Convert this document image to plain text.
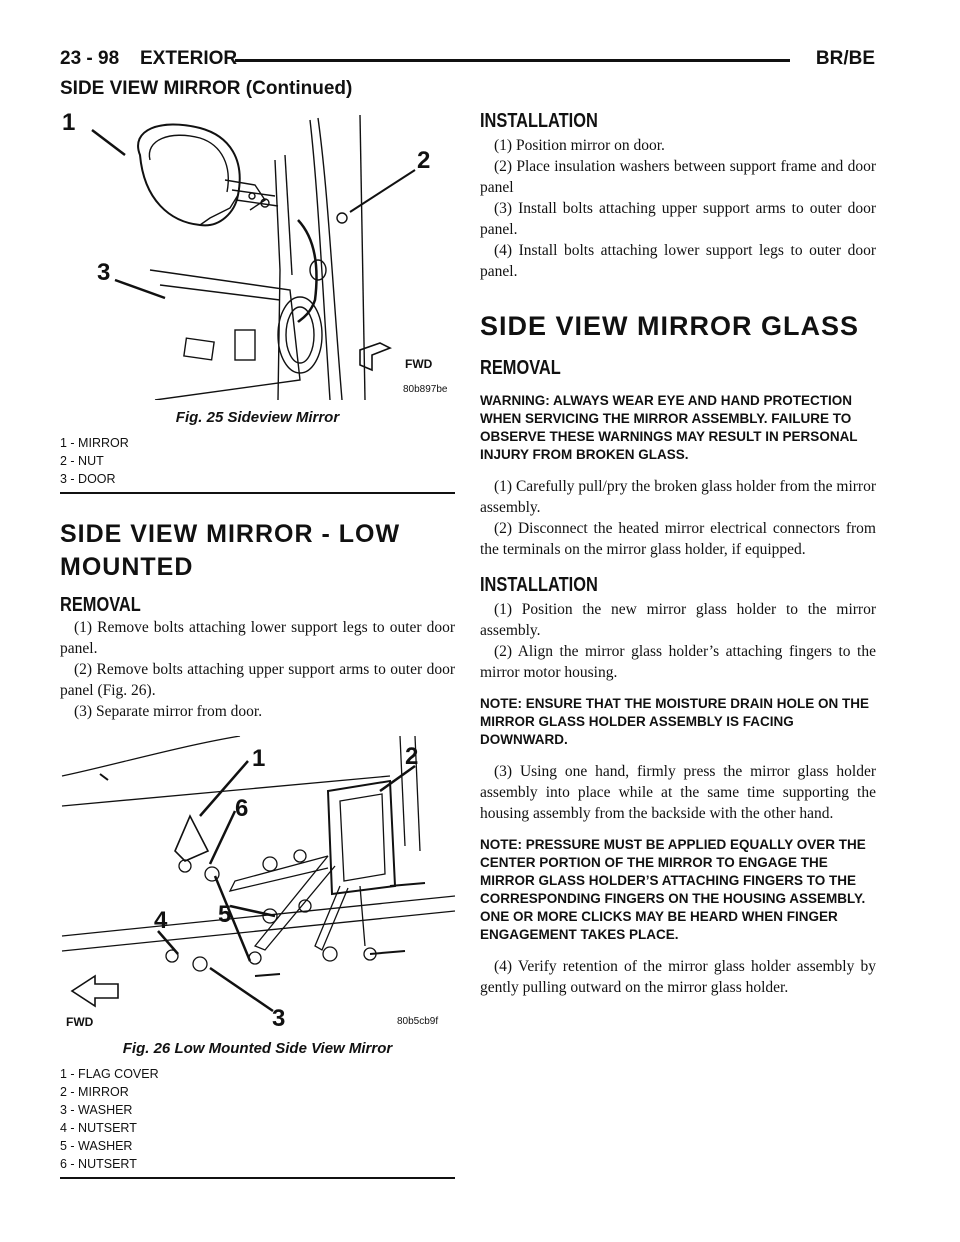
23 - 98 EXTERIOR	BR/BE
SIDE VIEW MIRROR (Continued)
1
2
3
FWD
80b897be
Fig. 25 Sideview Mirror
1 - MIRROR
2 - NUT
3 - DOOR
SIDE VIEW MIRROR - LOW MOUNTED
REMOVAL

(1) Remove bolts attaching lower support legs to outer door panel.

(2) Remove bolts attaching upper support arms to outer door panel (Fig. 26).

(3) Separate mirror from door.

1	2
3
4 5
6
FWD	80b5cb9f
Fig. 26 Low Mounted Side View Mirror
1 - FLAG COVER
2 - MIRROR
3 - WASHER
4 - NUTSERT
5 - WASHER
6 - NUTSERT
INSTALLATION

(1) Position mirror on door.

(2) Place insulation washers between support frame and door panel

(3) Install bolts attaching upper support arms to outer door panel.

(4) Install bolts attaching lower support legs to outer door panel.

SIDE VIEW MIRROR GLASS
REMOVAL

WARNING: ALWAYS WEAR EYE AND HAND PROTECTION WHEN SERVICING THE MIRROR ASSEMBLY. FAILURE TO OBSERVE THESE WARNINGS MAY RESULT IN PERSONAL INJURY FROM BROKEN GLASS.

(1) Carefully pull/pry the broken glass holder from the mirror assembly.

(2) Disconnect the heated mirror electrical connectors from the terminals on the mirror glass holder, if equipped.

INSTALLATION

(1) Position the new mirror glass holder to the mirror assembly.

(2) Align the mirror glass holder’s attaching fingers to the mirror motor housing.

NOTE: ENSURE THAT THE MOISTURE DRAIN HOLE ON THE MIRROR GLASS HOLDER ASSEMBLY IS FACING DOWNWARD.

(3) Using one hand, firmly press the mirror glass holder assembly into place while at the same time supporting the housing assembly from the backside with the other hand.

NOTE: PRESSURE MUST BE APPLIED EQUALLY OVER THE CENTER PORTION OF THE MIRROR TO ENGAGE THE MIRROR GLASS HOLDER’S ATTACHING FINGERS TO THE CORRESPONDING FINGERS ON THE HOUSING ASSEMBLY. ONE OR MORE CLICKS MAY BE HEARD WHEN FINGER ENGAGEMENT TAKES PLACE.

(4) Verify retention of the mirror glass holder assembly by gently pulling outward on the mirror glass holder.
